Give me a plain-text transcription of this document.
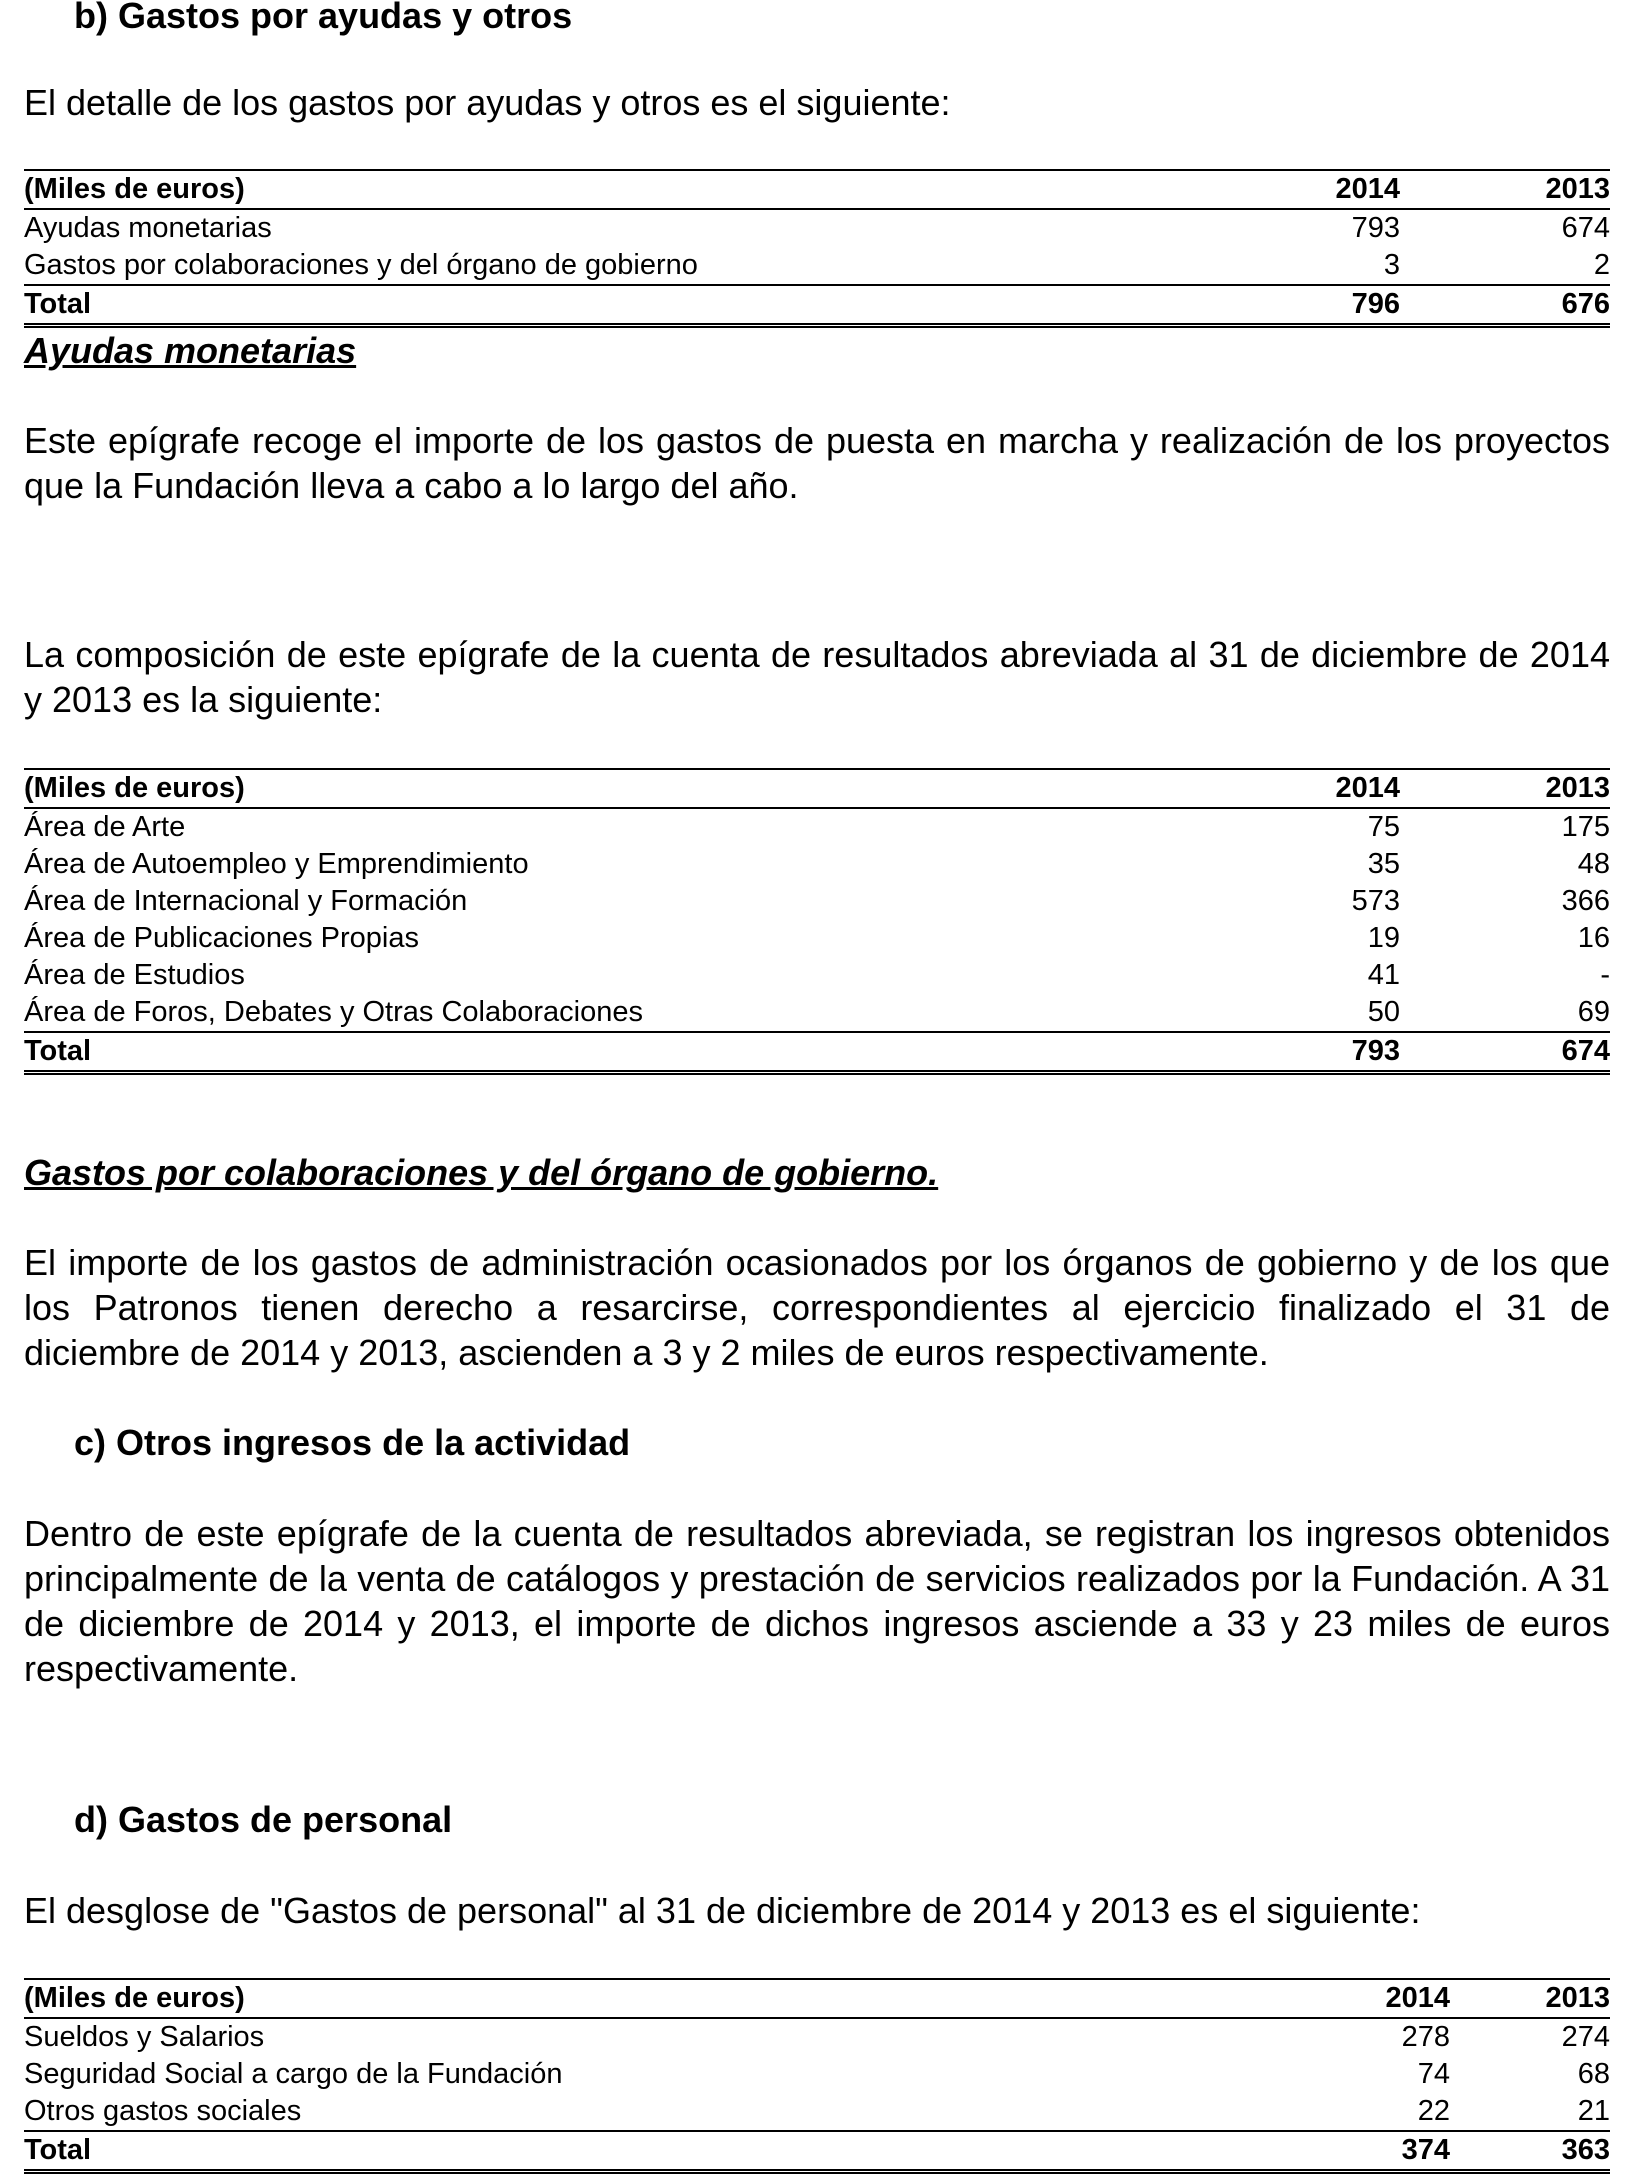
b) Gastos por ayudas y otros

El detalle de los gastos por ayudas y otros es el siguiente:

(Miles de euros)	2014	2013
Ayudas monetarias	793	674
Gastos por colaboraciones y del órgano de gobierno	3	2
Total	796	676
Ayudas monetarias

Este epígrafe recoge el importe de los gastos de puesta en marcha y realización de los proyectos que la Fundación lleva a cabo a lo largo del año.

La composición de este epígrafe de la cuenta de resultados abreviada al 31 de diciembre de 2014 y 2013 es la siguiente:

(Miles de euros)	2014	2013
Área de Arte	75	175
Área de Autoempleo y Emprendimiento	35	48
Área de Internacional y Formación	573	366
Área de Publicaciones Propias	19	16
Área de Estudios	41	-
Área de Foros, Debates y Otras Colaboraciones	50	69
Total	793	674
Gastos por colaboraciones y del órgano de gobierno.

El importe de los gastos de administración ocasionados por los órganos de gobierno y de los que los Patronos tienen derecho a resarcirse, correspondientes al ejercicio finalizado el 31 de diciembre de 2014 y 2013, ascienden a 3 y 2 miles de euros respectivamente.

c) Otros ingresos de la actividad

Dentro de este epígrafe de la cuenta de resultados abreviada, se registran los ingresos obtenidos principalmente de la venta de catálogos y prestación de servicios realizados por la Fundación. A 31 de diciembre de 2014 y 2013, el importe de dichos ingresos asciende a 33 y 23 miles de euros respectivamente.

d) Gastos de personal

El desglose de "Gastos de personal" al 31 de diciembre de 2014 y 2013 es el siguiente:

(Miles de euros)	2014	2013
Sueldos y Salarios	278	274
Seguridad Social a cargo de la Fundación	74	68
Otros gastos sociales	22	21
Total	374	363
